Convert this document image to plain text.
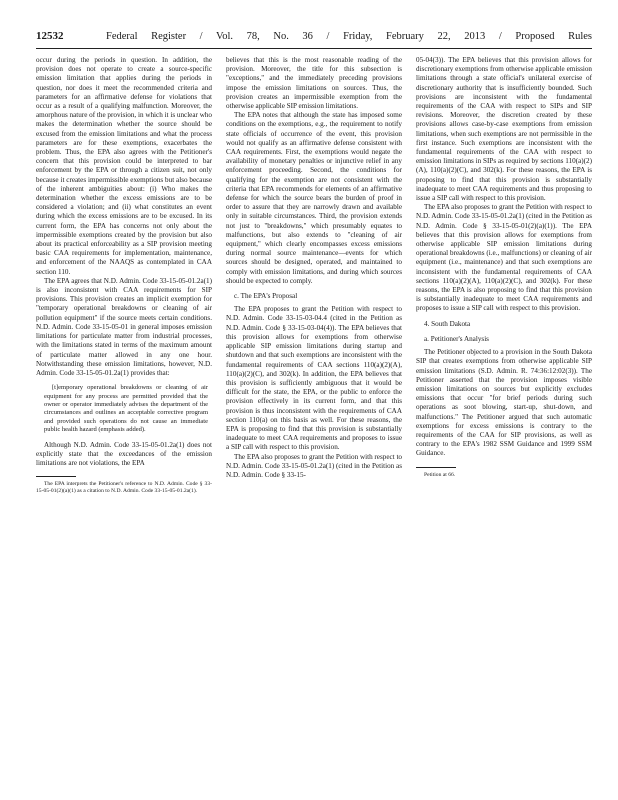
12532	Federal Register / Vol. 78, No. 36 / Friday, February 22, 2013 / Proposed Rules

occur during the periods in question. In addition, the provision does not operate to create a source-specific emission limitation that applies during the periods in question, nor does it meet the recommended criteria and parameters for an affirmative defense for violations that occur as a result of a qualifying malfunction. Moreover, the amorphous nature of the provision, in which it is unclear who makes the determination whether the source should be excused from the emission limitations and what the process parameters are for these exemptions, exacerbates the problem. Thus, the EPA also agrees with the Petitioner's concern that this provision could be interpreted to bar enforcement by the EPA or through a citizen suit, not only because it creates impermissible exemptions but also because of the inherent ambiguities about: (i) Who makes the determination whether the excess emissions are to be considered a violation; and (ii) what constitutes an event during which the excess emissions are to be excused. In its current form, the EPA has concerns not only about the impermissible exemptions created by the provision but also about its practical enforceability as a SIP provision meeting basic CAA requirements for implementation, maintenance, and enforcement of the NAAQS as contemplated in CAA section 110.

The EPA agrees that N.D. Admin. Code 33-15-05-01.2a(1) is also inconsistent with CAA requirements for SIP provisions. This provision creates an implicit exemption for "temporary operational breakdowns or cleaning of air pollution equipment" if the source meets certain conditions. N.D. Admin. Code 33-15-05-01 in general imposes emission limitations for particulate matter from industrial processes, with the limitations stated in terms of the maximum amount of particulate matter allowed in any one hour. Notwithstanding these emission limitations, however, N.D. Admin. Code 33-15-05-01.2a(1) provides that:

[t]emporary operational breakdowns or cleaning of air equipment for any process are permitted provided that the owner or operator immediately advises the department of the circumstances and outlines an acceptable corrective program and provided such operations do not cause an immediate public health hazard (emphasis added).

Although N.D. Admin. Code 33-15-05-01.2a(1) does not explicitly state that the exceedances of the emission limitations are not violations, the EPA

The EPA interprets the Petitioner's reference to N.D. Admin. Code § 33-15-05-01(2)(a)(1) as a citation to N.D. Admin. Code 33-15-05-01.2a(1).

believes that this is the most reasonable reading of the provision. Moreover, the title for this subsection is "exceptions," and the immediately preceding provisions impose the emission limitations on sources. Thus, the provision creates an impermissible exemption from the otherwise applicable SIP emission limitations.

The EPA notes that although the state has imposed some conditions on the exemptions, e.g., the requirement to notify state officials of occurrence of the event, this provision would not qualify as an affirmative defense consistent with CAA requirements. First, the exemptions would negate the availability of monetary penalties or injunctive relief in any enforcement proceeding. Second, the conditions for qualifying for the exemption are not consistent with the criteria that EPA recommends for elements of an affirmative defense for which the source bears the burden of proof in order to assure that they are narrowly drawn and available only in suitable circumstances. Third, the provision extends not just to "breakdowns," which presumably equates to malfunctions, but also extends to "cleaning of air equipment," which clearly encompasses excess emissions during normal source maintenance—events for which sources should be designed, operated, and maintained to comply with emission limitations, and during which sources should be expected to comply.

c. The EPA's Proposal

The EPA proposes to grant the Petition with respect to N.D. Admin. Code 33-15-03-04.4 (cited in the Petition as N.D. Admin. Code § 33-15-03-04(4)). The EPA believes that this provision allows for exemptions from otherwise applicable SIP emission limitations during startup and shutdown and that such exemptions are inconsistent with the fundamental requirements of CAA sections 110(a)(2)(A), 110(a)(2)(C), and 302(k). In addition, the EPA believes that this provision is sufficiently ambiguous that it would be difficult for the state, the EPA, or the public to enforce the provision effectively in its current form, and that this provision is thus inconsistent with the requirements of CAA section 110(a) on this basis as well. For these reasons, the EPA is proposing to find that this provision is substantially inadequate to meet CAA requirements and proposes to issue a SIP call with respect to this provision.

The EPA also proposes to grant the Petition with respect to N.D. Admin. Code 33-15-05-01.2a(1) (cited in the Petition as N.D. Admin. Code § 33-15-

05-04(3)). The EPA believes that this provision allows for discretionary exemptions from otherwise applicable emission limitations through a state official's unilateral exercise of discretionary authority that is insufficiently bounded. Such provisions are inconsistent with the fundamental requirements of the CAA with respect to SIPs and SIP revisions. Moreover, the discretion created by these provisions allows case-by-case exemptions from emission limitations, when such exemptions are not permissible in the first instance. Such exemptions are inconsistent with the fundamental requirements of the CAA with respect to emission limitations in SIPs as required by sections 110(a)(2)(A), 110(a)(2)(C), and 302(k). For these reasons, the EPA is proposing to find that this provision is substantially inadequate to meet CAA requirements and thus proposing to issue a SIP call with respect to this provision.

The EPA also proposes to grant the Petition with respect to N.D. Admin. Code 33-15-05-01.2a(1) (cited in the Petition as N.D. Admin. Code § 33-15-05-01(2)(a)(1)). The EPA believes that this provision allows for exemptions from otherwise applicable SIP emission limitations during operational breakdowns (i.e., malfunctions) or cleaning of air equipment (i.e., maintenance) and that such exemptions are inconsistent with the fundamental requirements of CAA sections 110(a)(2)(A), 110(a)(2)(C), and 302(k). For these reasons, the EPA is also proposing to find that this provision is substantially inadequate to meet CAA requirements and proposes to issue a SIP call with respect to this provision.

4. South Dakota

a. Petitioner's Analysis

The Petitioner objected to a provision in the South Dakota SIP that creates exemptions from otherwise applicable SIP emission limitations (S.D. Admin. R. 74:36:12:02(3)). The Petitioner asserted that the provision imposes visible emission limitations on sources but explicitly excludes emissions that occur "for brief periods during such operations as soot blowing, start-up, shut-down, and malfunctions." The Petitioner argued that such automatic exemptions for excess emissions is contrary to the requirements of the CAA for SIP provisions, as well as contrary to the EPA's 1982 SSM Guidance and 1999 SSM Guidance.

Petition at 66.
